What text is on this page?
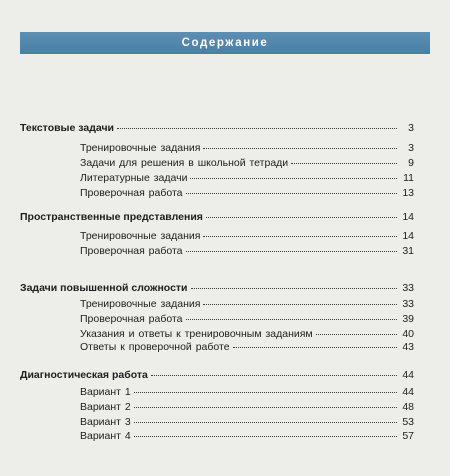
Содержание
Текстовые задачи	3
Тренировочные задания	3
Задачи для решения в школьной тетради	9
Литературные задачи	11
Проверочная работа	13
Пространственные представления	14
Тренировочные задания	14
Проверочная работа	31
Задачи повышенной сложности	33
Тренировочные задания	33
Проверочная работа	39
Указания и ответы к тренировочным заданиям	40
Ответы к проверочной работе	43
Диагностическая работа	44
Вариант 1	44
Вариант 2	48
Вариант 3	53
Вариант 4	57
